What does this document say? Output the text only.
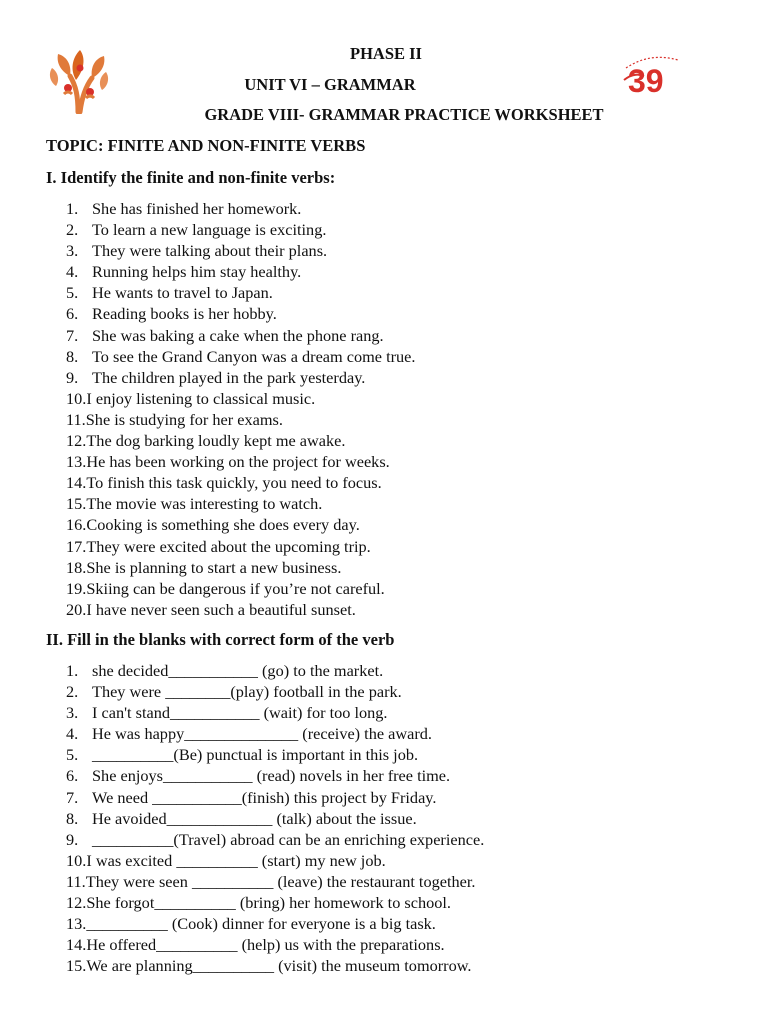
39
PHASE II
UNIT VI – GRAMMAR
GRADE VIII- GRAMMAR PRACTICE WORKSHEET
TOPIC: FINITE AND NON-FINITE VERBS
I. Identify the finite and non-finite verbs:
1. She has finished her homework.
2. To learn a new language is exciting.
3. They were talking about their plans.
4. Running helps him stay healthy.
5. He wants to travel to Japan.
6. Reading books is her hobby.
7. She was baking a cake when the phone rang.
8. To see the Grand Canyon was a dream come true.
9. The children played in the park yesterday.
10. I enjoy listening to classical music.
11. She is studying for her exams.
12. The dog barking loudly kept me awake.
13. He has been working on the project for weeks.
14. To finish this task quickly, you need to focus.
15. The movie was interesting to watch.
16. Cooking is something she does every day.
17. They were excited about the upcoming trip.
18. She is planning to start a new business.
19. Skiing can be dangerous if you’re not careful.
20. I have never seen such a beautiful sunset.
II. Fill in the blanks with correct form of the verb
1. she decided___________ (go) to the market.
2. They were ________(play) football in the park.
3. I can't stand___________ (wait) for too long.
4. He was happy______________ (receive) the award.
5. __________(Be) punctual is important in this job.
6. She enjoys___________ (read) novels in her free time.
7. We need ___________(finish) this project by Friday.
8. He avoided_____________ (talk) about the issue.
9. __________(Travel) abroad can be an enriching experience.
10. I was excited __________ (start) my new job.
11. They were seen __________ (leave) the restaurant together.
12. She forgot__________ (bring) her homework to school.
13. __________ (Cook) dinner for everyone is a big task.
14. He offered__________ (help) us with the preparations.
15. We are planning__________ (visit) the museum tomorrow.
